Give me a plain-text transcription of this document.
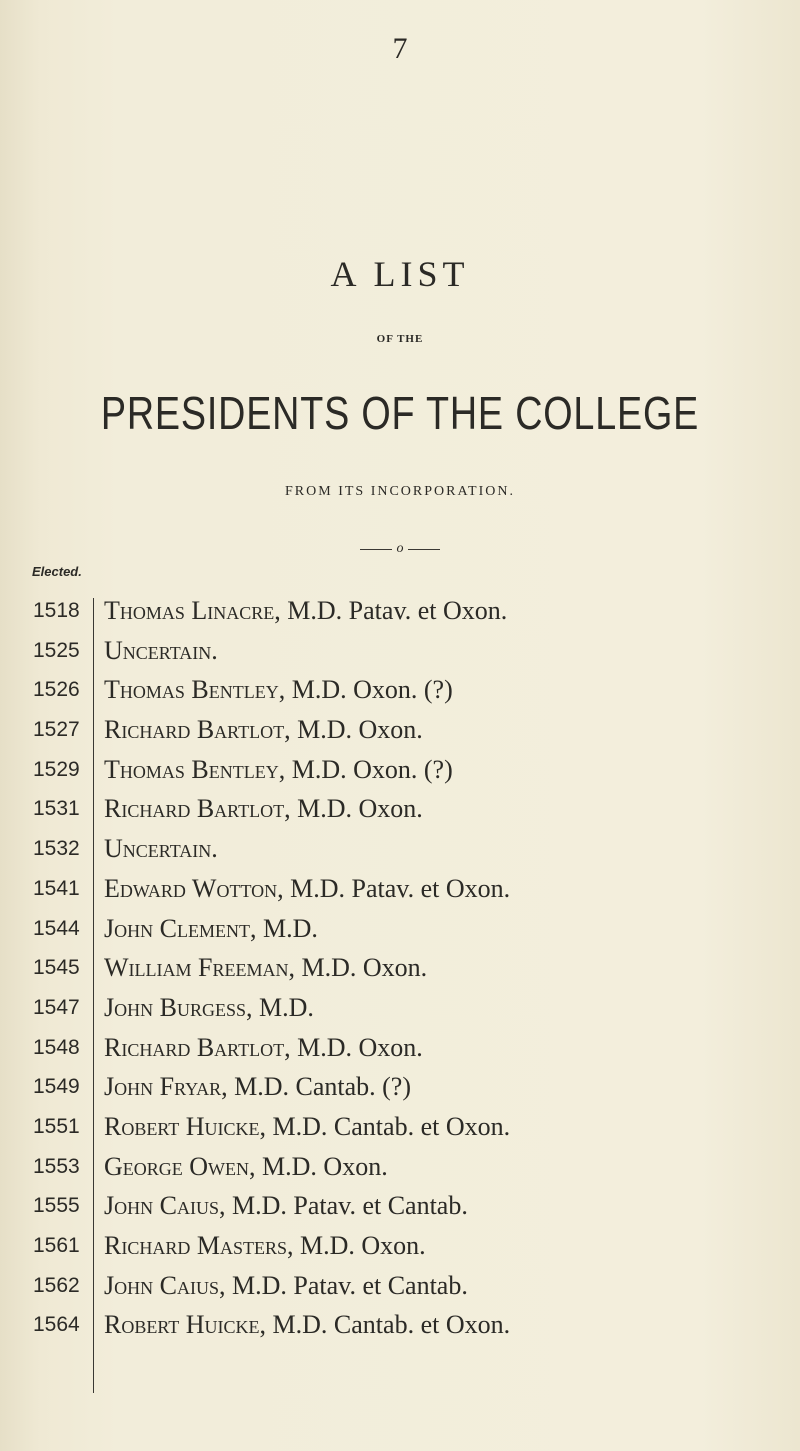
7
A LIST
OF THE
PRESIDENTS OF THE COLLEGE
FROM ITS INCORPORATION.
o
Elected.
1518 Thomas Linacre, M.D. Patav. et Oxon.
1525 Uncertain.
1526 Thomas Bentley, M.D. Oxon. (?)
1527 Richard Bartlot, M.D. Oxon.
1529 Thomas Bentley, M.D. Oxon. (?)
1531 Richard Bartlot, M.D. Oxon.
1532 Uncertain.
1541 Edward Wotton, M.D. Patav. et Oxon.
1544 John Clement, M.D.
1545 William Freeman, M.D. Oxon.
1547 John Burgess, M.D.
1548 Richard Bartlot, M.D. Oxon.
1549 John Fryar, M.D. Cantab. (?)
1551 Robert Huicke, M.D. Cantab. et Oxon.
1553 George Owen, M.D. Oxon.
1555 John Caius, M.D. Patav. et Cantab.
1561 Richard Masters, M.D. Oxon.
1562 John Caius, M.D. Patav. et Cantab.
1564 Robert Huicke, M.D. Cantab. et Oxon.
